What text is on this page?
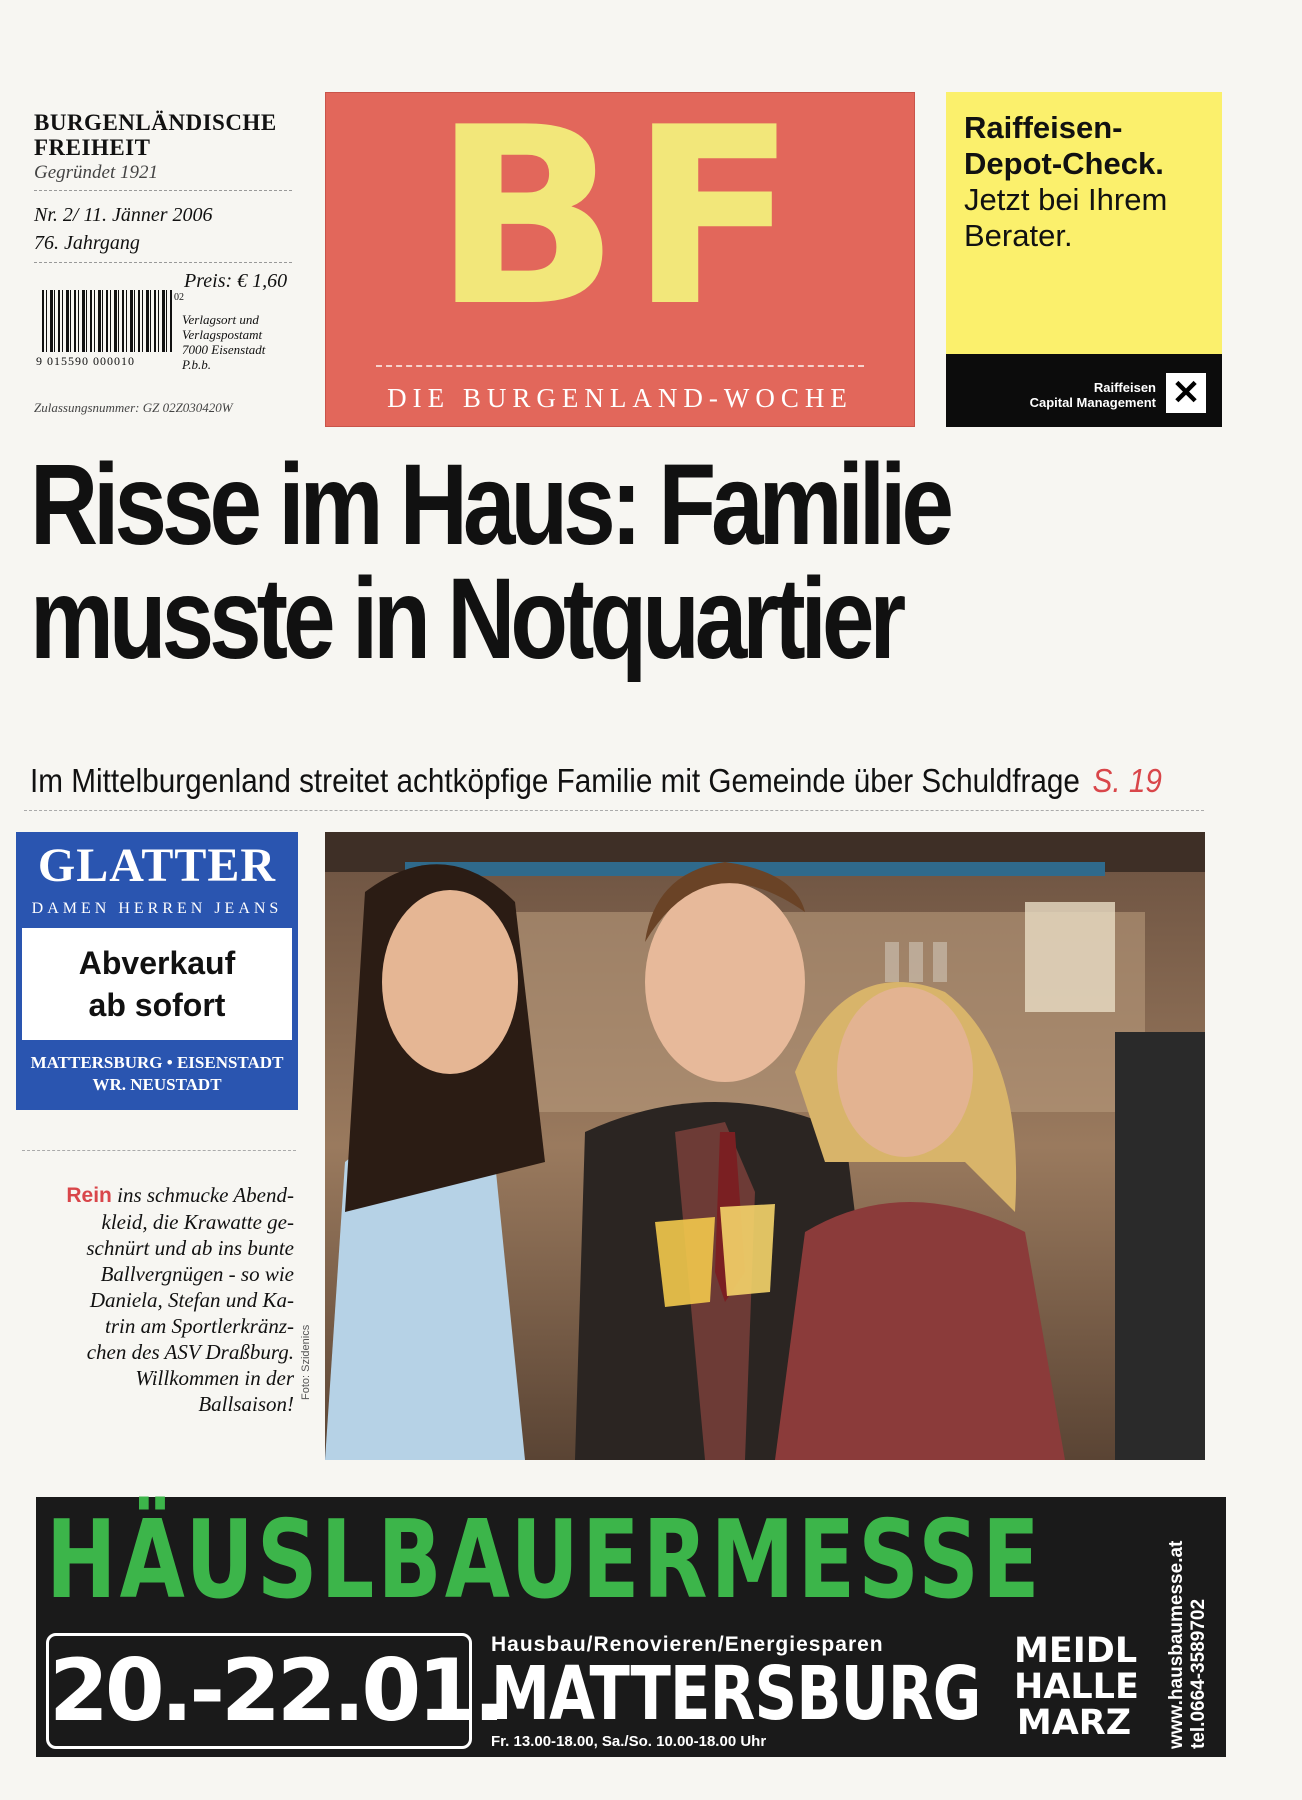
BURGENLÄNDISCHE
FREIHEIT
Gegründet 1921
Nr. 2/ 11. Jänner 2006
76. Jahrgang
Preis: € 1,60
02
9 015590 000010
Verlagsort und
Verlagspostamt
7000 Eisenstadt
P.b.b.
Zulassungsnummer: GZ 02Z030420W
BF
DIE BURGENLAND-WOCHE
Raiffeisen-
Depot-Check.
Jetzt bei Ihrem
Berater.
Raiffeisen
Capital Management ✕
Risse im Haus: Familie
musste in Notquartier
Im Mittelburgenland streitet achtköpfige Familie mit Gemeinde über Schuldfrage S. 19
GLATTER
DAMEN HERREN JEANS
Abverkauf
ab sofort
MATTERSBURG • EISENSTADT
WR. NEUSTADT
Rein ins schmucke Abend-
kleid, die Krawatte ge-
schnürt und ab ins bunte
Ballvergnügen - so wie
Daniela, Stefan und Ka-
trin am Sportlerkränz-
chen des ASV Draßburg.
Willkommen in der
Ballsaison!
Foto: Szidenics
HÄUSLBAUERMESSE
20.-22.01.
Hausbau/Renovieren/Energiesparen
MATTERSBURG
Fr. 13.00-18.00, Sa./So. 10.00-18.00 Uhr
MEIDL
HALLE
MARZ www.hausbaumesse.at tel.0664-3589702
